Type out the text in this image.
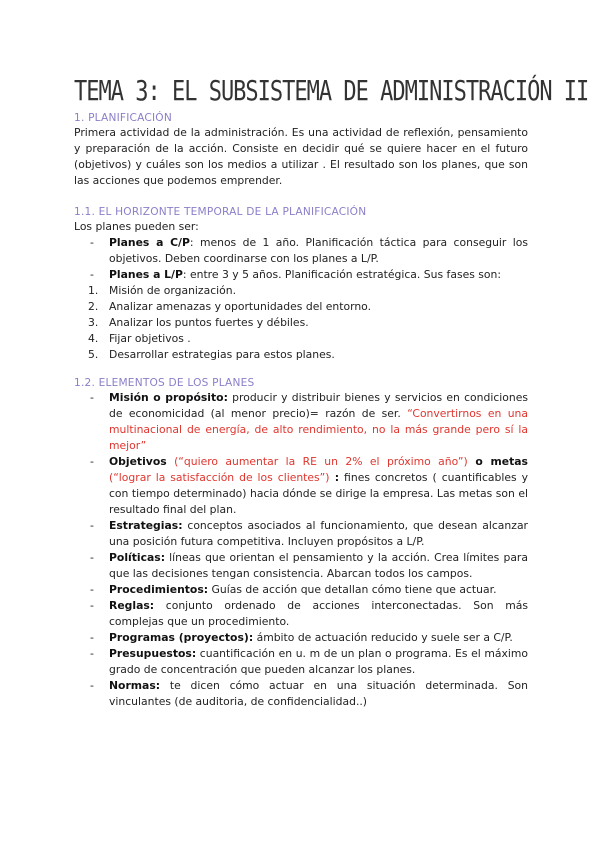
TEMA 3: EL SUBSISTEMA DE ADMINISTRACIÓN II
1. PLANIFICACIÓN
Primera actividad de la administración. Es una actividad de reflexión, pensamiento y preparación de la acción. Consiste en decidir qué se quiere hacer en el futuro (objetivos) y cuáles son los medios a utilizar . El resultado son los planes, que son las acciones que podemos emprender.
1.1. EL HORIZONTE TEMPORAL DE LA PLANIFICACIÓN
Los planes pueden ser:
- Planes a C/P: menos de 1 año. Planificación táctica para conseguir los objetivos. Deben coordinarse con los planes a L/P.
- Planes a L/P: entre 3 y 5 años. Planificación estratégica. Sus fases son:
1. Misión de organización.
2. Analizar amenazas y oportunidades del entorno.
3. Analizar los puntos fuertes y débiles.
4. Fijar objetivos .
5. Desarrollar estrategias para estos planes.
1.2. ELEMENTOS DE LOS PLANES
- Misión o propósito: producir y distribuir bienes y servicios en condiciones de economicidad (al menor precio)= razón de ser. “Convertirnos en una multinacional de energía, de alto rendimiento, no la más grande pero sí la mejor”
- Objetivos (“quiero aumentar la RE un 2% el próximo año”) o metas (“lograr la satisfacción de los clientes”) : fines concretos ( cuantificables y con tiempo determinado) hacia dónde se dirige la empresa. Las metas son el resultado final del plan.
- Estrategias: conceptos asociados al funcionamiento, que desean alcanzar una posición futura competitiva. Incluyen propósitos a L/P.
- Políticas: líneas que orientan el pensamiento y la acción. Crea límites para que las decisiones tengan consistencia. Abarcan todos los campos.
- Procedimientos: Guías de acción que detallan cómo tiene que actuar.
- Reglas: conjunto ordenado de acciones interconectadas. Son más complejas que un procedimiento.
- Programas (proyectos): ámbito de actuación reducido y suele ser a C/P.
- Presupuestos: cuantificación en u. m de un plan o programa. Es el máximo grado de concentración que pueden alcanzar los planes.
- Normas: te dicen cómo actuar en una situación determinada. Son vinculantes (de auditoria, de confidencialidad..)
